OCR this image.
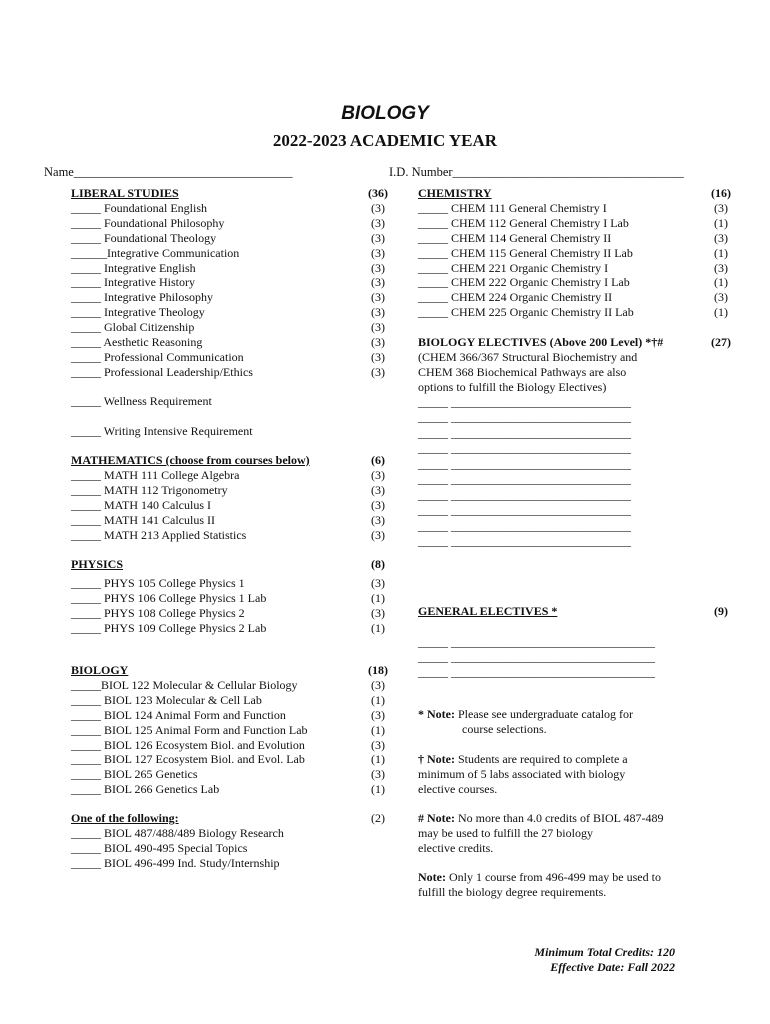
BIOLOGY
2022-2023 ACADEMIC YEAR
Name___________________________________	I.D. Number_____________________________________
LIBERAL STUDIES
_____ Foundational English
_____ Foundational Philosophy
_____ Foundational Theology
______Integrative Communication
_____ Integrative English
_____ Integrative History
_____ Integrative Philosophy
_____ Integrative Theology
_____ Global Citizenship
_____ Aesthetic Reasoning
_____ Professional Communication
_____ Professional Leadership/Ethics
(36)
(3)
(3)
(3)
(3)
(3)
(3)
(3)
(3)
(3)
(3)
(3)
(3)
_____ Wellness Requirement
_____ Writing Intensive Requirement
MATHEMATICS (choose from courses below)
_____ MATH 111 College Algebra
_____ MATH 112 Trigonometry
_____ MATH 140 Calculus I
_____ MATH 141 Calculus II
_____ MATH 213 Applied Statistics
(6)
(3)
(3)
(3)
(3)
(3)
PHYSICS
_____ PHYS 105 College Physics 1
_____ PHYS 106 College Physics 1 Lab
_____ PHYS 108 College Physics 2
_____ PHYS 109 College Physics 2 Lab
(8)
(3)
(1)
(3)
(1)
BIOLOGY
_____BIOL 122 Molecular & Cellular Biology
_____ BIOL 123 Molecular & Cell Lab
_____ BIOL 124 Animal Form and Function
_____ BIOL 125 Animal Form and Function Lab
_____ BIOL 126 Ecosystem Biol. and Evolution
_____ BIOL 127 Ecosystem Biol. and Evol. Lab
_____ BIOL 265 Genetics
_____ BIOL 266 Genetics Lab
(18)
(3)
(1)
(3)
(1)
(3)
(1)
(3)
(1)
One of the following:
_____ BIOL 487/488/489 Biology Research
_____ BIOL 490-495 Special Topics
_____ BIOL 496-499 Ind. Study/Internship
(2)
CHEMISTRY
_____ CHEM 111 General Chemistry I
_____ CHEM 112 General Chemistry I Lab
_____ CHEM 114 General Chemistry II
_____ CHEM 115 General Chemistry II Lab
_____ CHEM 221 Organic Chemistry I
_____ CHEM 222 Organic Chemistry I Lab
_____ CHEM 224 Organic Chemistry II
_____ CHEM 225 Organic Chemistry II Lab
(16)
(3)
(1)
(3)
(1)
(3)
(1)
(3)
(1)
BIOLOGY ELECTIVES (Above 200 Level) *†#
(CHEM 366/367 Structural Biochemistry and
CHEM 368 Biochemical Pathways are also
options to fulfill the Biology Electives)
_____ ______________________________
_____ ______________________________
_____ ______________________________
_____ ______________________________
_____ ______________________________
_____ ______________________________
_____ ______________________________
_____ ______________________________
_____ ______________________________
_____ ______________________________
(27)
GENERAL ELECTIVES *
_____ __________________________________
_____ __________________________________
_____ __________________________________
(9)
* Note: Please see undergraduate catalog for
course selections.
† Note: Students are required to complete a
minimum of 5 labs associated with biology
elective courses.
# Note: No more than 4.0 credits of BIOL 487-489
may be used to fulfill the 27 biology
elective credits.
Note: Only 1 course from 496-499 may be used to
fulfill the biology degree requirements.
Minimum Total Credits: 120
Effective Date: Fall 2022
